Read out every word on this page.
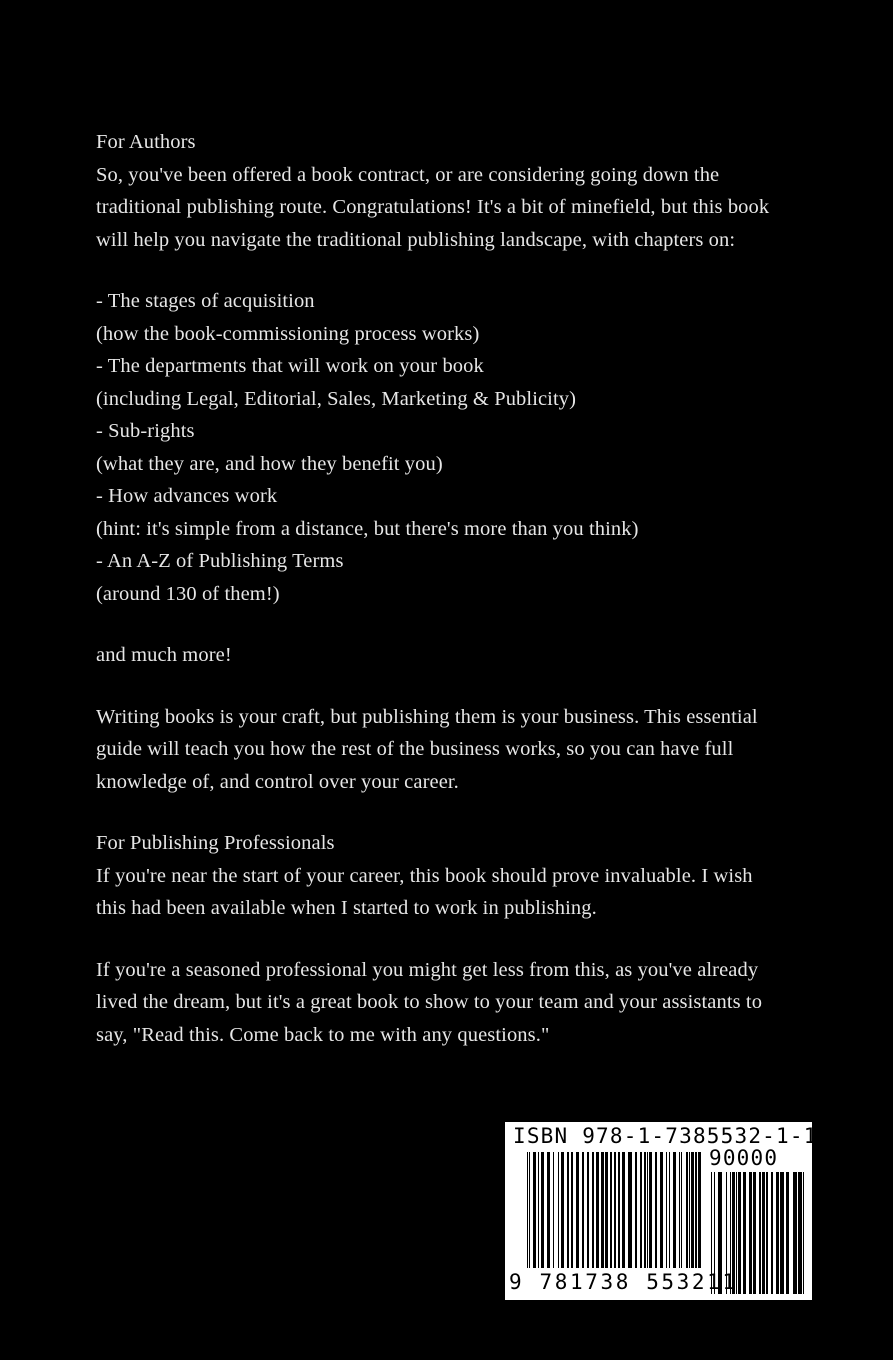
For Authors
So, you've been offered a book contract, or are considering going down the
traditional publishing route. Congratulations! It's a bit of minefield, but this book
will help you navigate the traditional publishing landscape, with chapters on:
- The stages of acquisition
(how the book-commissioning process works)
- The departments that will work on your book
(including Legal, Editorial, Sales, Marketing & Publicity)
- Sub-rights
(what they are, and how they benefit you)
- How advances work
(hint: it's simple from a distance, but there's more than you think)
- An A-Z of Publishing Terms
(around 130 of them!)
and much more!
Writing books is your craft, but publishing them is your business. This essential
guide will teach you how the rest of the business works, so you can have full
knowledge of, and control over your career.
For Publishing Professionals
If you're near the start of your career, this book should prove invaluable. I wish
this had been available when I started to work in publishing.
If you're a seasoned professional you might get less from this, as you've already
lived the dream, but it's a great book to show to your team and your assistants to
say, "Read this. Come back to me with any questions."
ISBN 978-1-7385532-1-1
90000
9 781738 553211
